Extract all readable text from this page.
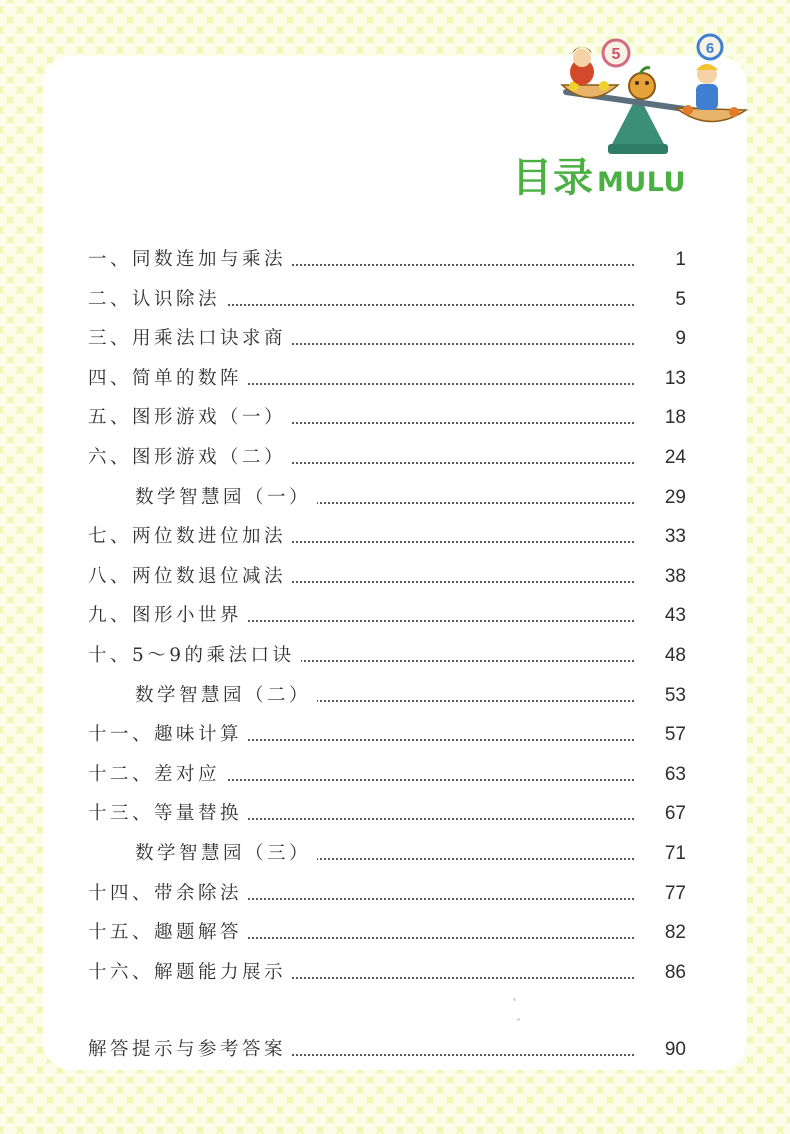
5	6
目录 MULU
一、同数连加与乘法	1
二、认识除法	5
三、用乘法口诀求商	9
四、简单的数阵	13
五、图形游戏（一）	18
六、图形游戏（二）	24
数学智慧园（一）	29
七、两位数进位加法	33
八、两位数退位减法	38
九、图形小世界	43
十、5～9的乘法口诀	48
数学智慧园（二）	53
十一、趣味计算	57
十二、差对应	63
十三、等量替换	67
数学智慧园（三）	71
十四、带余除法	77
十五、趣题解答	82
十六、解题能力展示	86
解答提示与参考答案	90
